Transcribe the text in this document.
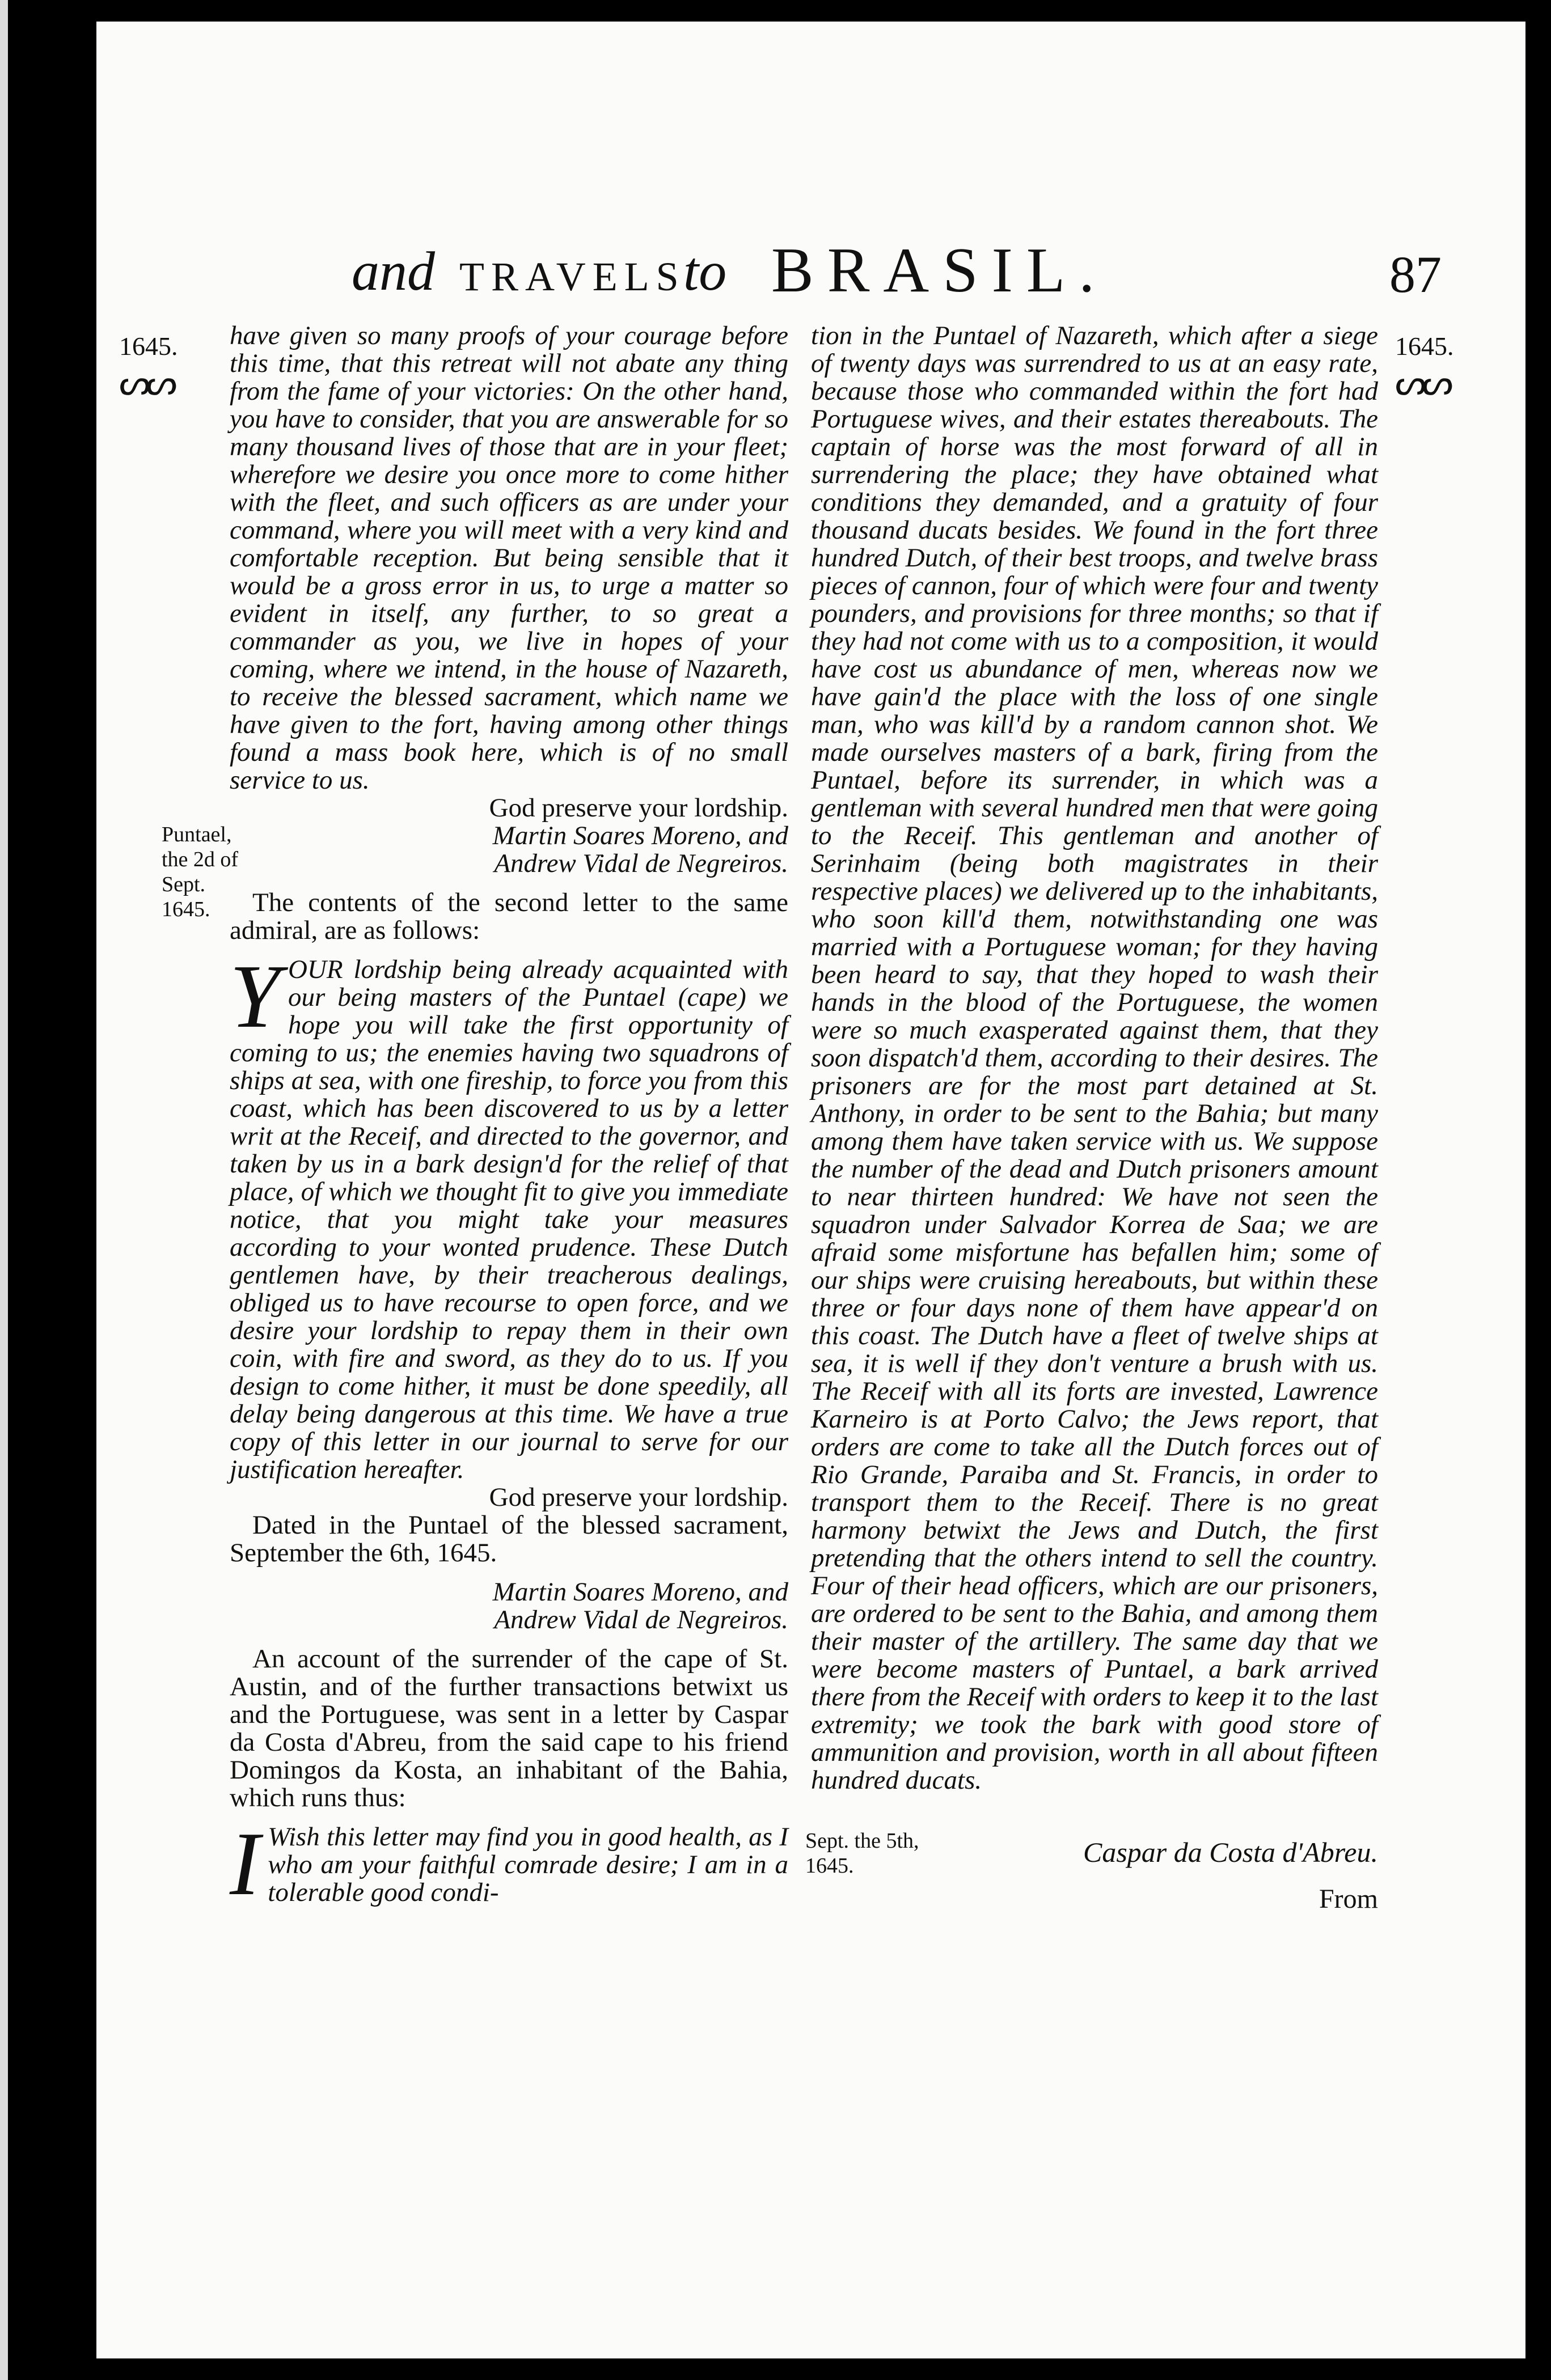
and TRAVELS
to BRASIL.	87
1645.
ᔕᔕ
1645.
ᔕᔕ

have given so many proofs of your courage before this time, that this retreat will not abate any thing from the fame of your victories: On the other hand, you have to consider, that you are answerable for so many thousand lives of those that are in your fleet; wherefore we desire you once more to come hither with the fleet, and such officers as are under your command, where you will meet with a very kind and comfortable reception. But being sensible that it would be a gross error in us, to urge a matter so evident in itself, any further, to so great a commander as you, we live in hopes of your coming, where we intend, in the house of Nazareth, to receive the blessed sacrament, which name we have given to the fort, having among other things found a mass book here, which is of no small service to us.

God preserve your lordship.

Puntael, the 2d of Sept. 1645.
Martin Soares Moreno, and
Andrew Vidal de Negreiros.

The contents of the second letter to the same admiral, are as follows:

YOUR lordship being already acquainted with our being masters of the Puntael (cape) we hope you will take the first opportunity of coming to us; the enemies having two squadrons of ships at sea, with one fireship, to force you from this coast, which has been discovered to us by a letter writ at the Receif, and directed to the governor, and taken by us in a bark design'd for the relief of that place, of which we thought fit to give you immediate notice, that you might take your measures according to your wonted prudence. These Dutch gentlemen have, by their treacherous dealings, obliged us to have recourse to open force, and we desire your lordship to repay them in their own coin, with fire and sword, as they do to us. If you design to come hither, it must be done speedily, all delay being dangerous at this time. We have a true copy of this letter in our journal to serve for our justification hereafter.

God preserve your lordship.

Dated in the Puntael of the blessed sacrament, September the 6th, 1645.

Martin Soares Moreno, and

Andrew Vidal de Negreiros.

An account of the surrender of the cape of St. Austin, and of the further transactions betwixt us and the Portuguese, was sent in a letter by Caspar da Costa d'Abreu, from the said cape to his friend Domingos da Kosta, an inhabitant of the Bahia, which runs thus:

I Wish this letter may find you in good health, as I who am your faithful comrade desire; I am in a tolerable good condi-

tion in the Puntael of Nazareth, which after a siege of twenty days was surrendred to us at an easy rate, because those who commanded within the fort had Portuguese wives, and their estates thereabouts. The captain of horse was the most forward of all in surrendering the place; they have obtained what conditions they demanded, and a gratuity of four thousand ducats besides. We found in the fort three hundred Dutch, of their best troops, and twelve brass pieces of cannon, four of which were four and twenty pounders, and provisions for three months; so that if they had not come with us to a composition, it would have cost us abundance of men, whereas now we have gain'd the place with the loss of one single man, who was kill'd by a random cannon shot. We made ourselves masters of a bark, firing from the Puntael, before its surrender, in which was a gentleman with several hundred men that were going to the Receif. This gentleman and another of Serinhaim (being both magistrates in their respective places) we delivered up to the inhabitants, who soon kill'd them, notwithstanding one was married with a Portuguese woman; for they having been heard to say, that they hoped to wash their hands in the blood of the Portuguese, the women were so much exasperated against them, that they soon dispatch'd them, according to their desires. The prisoners are for the most part detained at St. Anthony, in order to be sent to the Bahia; but many among them have taken service with us. We suppose the number of the dead and Dutch prisoners amount to near thirteen hundred: We have not seen the squadron under Salvador Korrea de Saa; we are afraid some misfortune has befallen him; some of our ships were cruising hereabouts, but within these three or four days none of them have appear'd on this coast. The Dutch have a fleet of twelve ships at sea, it is well if they don't venture a brush with us. The Receif with all its forts are invested, Lawrence Karneiro is at Porto Calvo; the Jews report, that orders are come to take all the Dutch forces out of Rio Grande, Paraiba and St. Francis, in order to transport them to the Receif. There is no great harmony betwixt the Jews and Dutch, the first pretending that the others intend to sell the country. Four of their head officers, which are our prisoners, are ordered to be sent to the Bahia, and among them their master of the artillery. The same day that we were become masters of Puntael, a bark arrived there from the Receif with orders to keep it to the last extremity; we took the bark with good store of ammunition and provision, worth in all about fifteen hundred ducats.

Sept. the 5th, 1645.	Caspar da Costa d'Abreu.
From
